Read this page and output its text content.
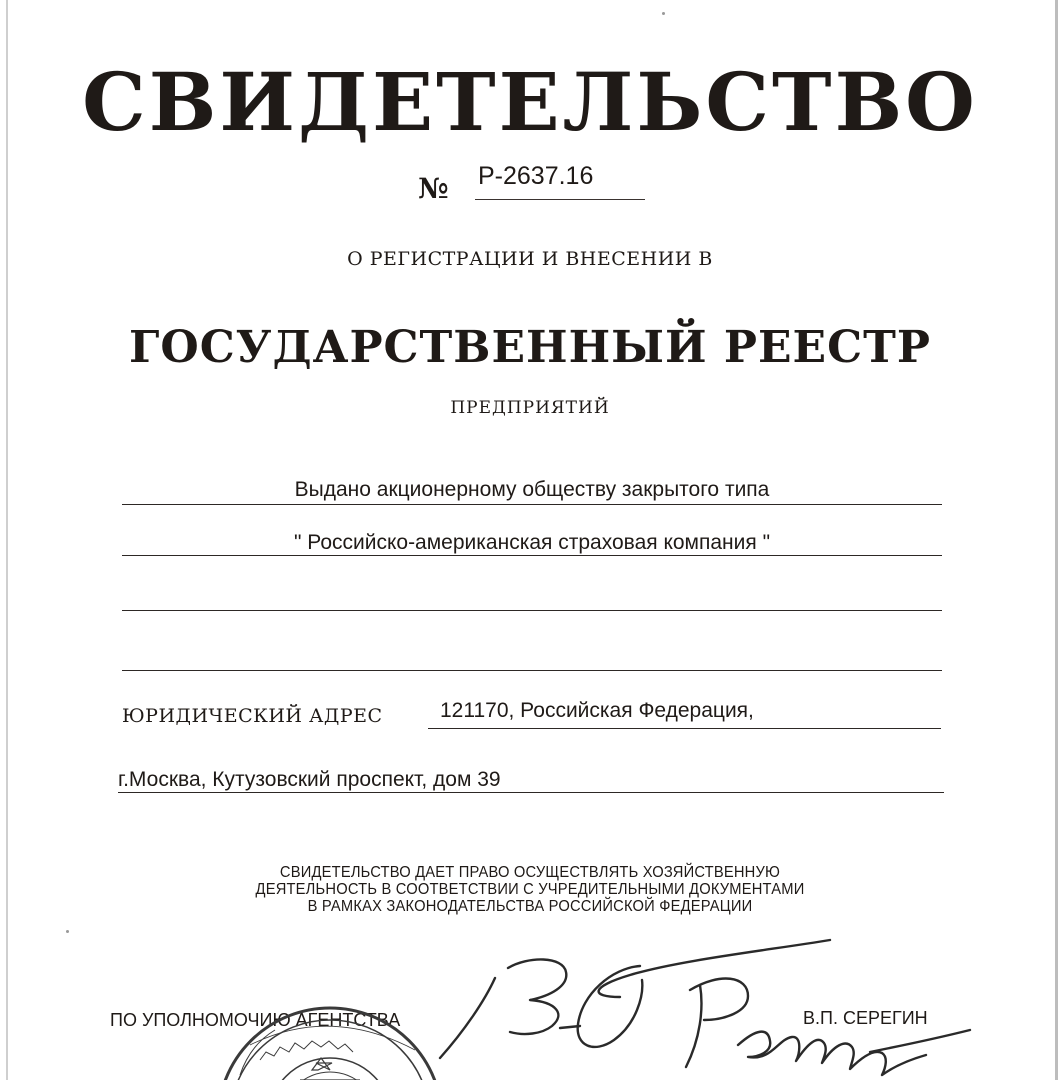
СВИДЕТЕЛЬСТВО
№ Р-2637.16
О РЕГИСТРАЦИИ И ВНЕСЕНИИ В
ГОСУДАРСТВЕННЫЙ РЕЕСТР
ПРЕДПРИЯТИЙ
Выдано акционерному обществу закрытого типа
" Российско-американская страховая компания "
ЮРИДИЧЕСКИЙ АДРЕС	121170, Российская Федерация,
г.Москва, Кутузовский проспект, дом 39
СВИДЕТЕЛЬСТВО ДАЕТ ПРАВО ОСУЩЕСТВЛЯТЬ ХОЗЯЙСТВЕННУЮ
ДЕЯТЕЛЬНОСТЬ В СООТВЕТСТВИИ С УЧРЕДИТЕЛЬНЫМИ ДОКУМЕНТАМИ
В РАМКАХ ЗАКОНОДАТЕЛЬСТВА РОССИЙСКОЙ ФЕДЕРАЦИИ
ПО УПОЛНОМОЧИЮ АГЕНТСТВА	В.П. СЕРЕГИН
